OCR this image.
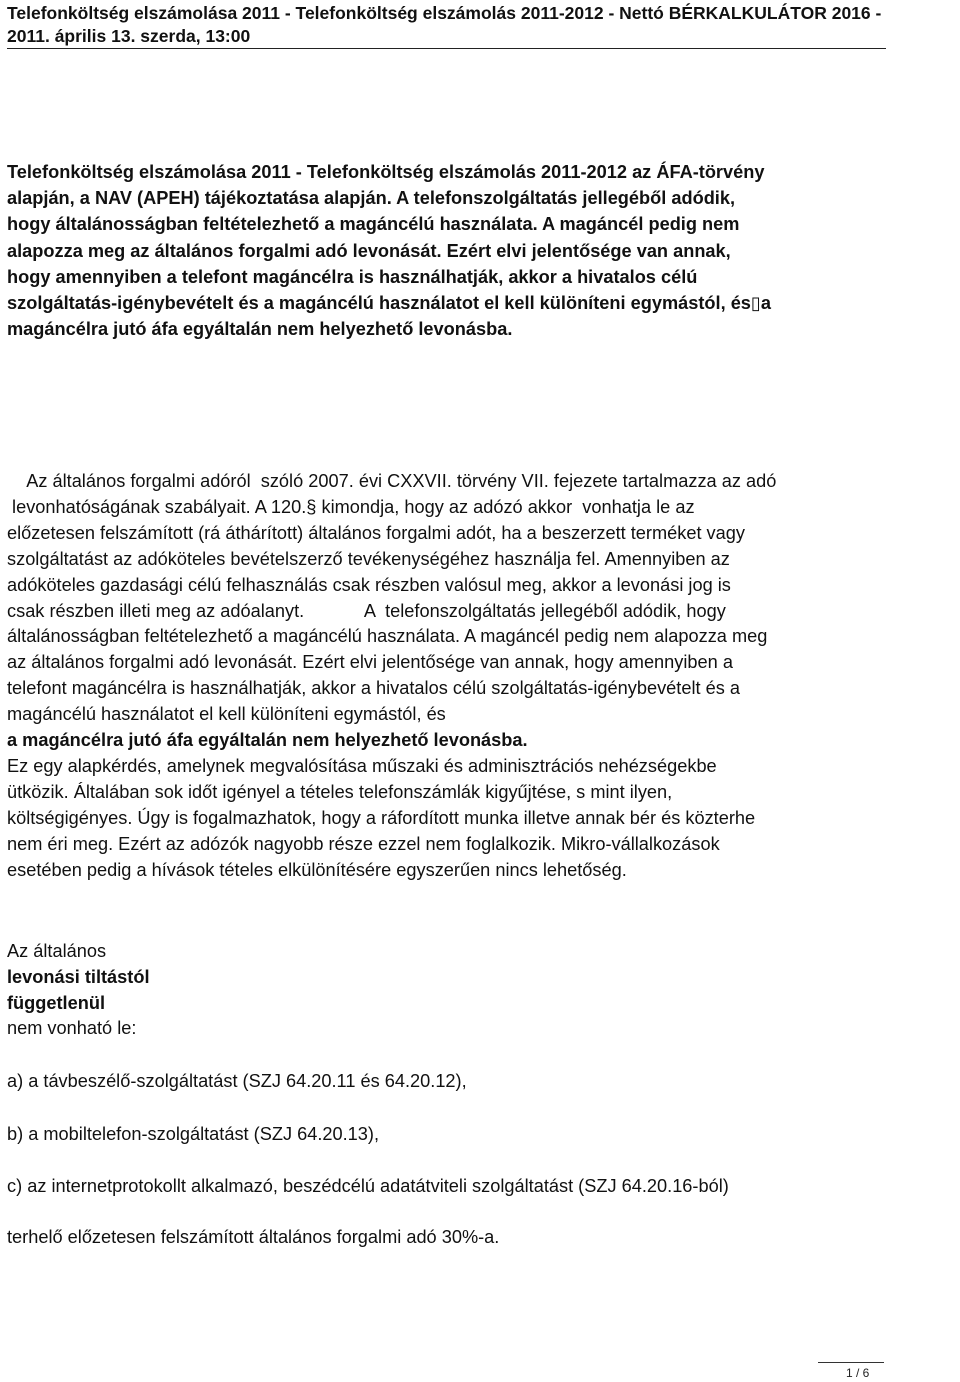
Telefonköltség elszámolása 2011 - Telefonköltség elszámolás 2011-2012 - Nettó BÉRKALKULÁTOR 2016 -
2011. április 13. szerda, 13:00

Telefonköltség elszámolása 2011 - Telefonköltség elszámolás 2011-2012 az ÁFA-törvény

alapján, a NAV (APEH) tájékoztatása alapján. A telefonszolgáltatás jellegéből adódik,

hogy általánosságban feltételezhető a magáncélú használata. A magáncél pedig nem

alapozza meg az általános forgalmi adó levonását. Ezért elvi jelentősége van annak,

hogy amennyiben a telefont magáncélra is használhatják, akkor a hivatalos célú

szolgáltatás-igénybevételt és a magáncélú használatot el kell különíteni egymástól, és▯a

magáncélra jutó áfa egyáltalán nem helyezhető levonásba.

Az általános forgalmi adóról  szóló 2007. évi CXXVII. törvény VII. fejezete tartalmazza az adó

levonhatóságának szabályait. A 120.§ kimondja, hogy az adózó akkor  vonhatja le az

előzetesen felszámított (rá áthárított) általános forgalmi adót, ha a beszerzett terméket vagy

szolgáltatást az adóköteles bevételszerző tevékenységéhez használja fel. Amennyiben az

adóköteles gazdasági célú felhasználás csak részben valósul meg, akkor a levonási jog is

csak részben illeti meg az adóalanyt.            A  telefonszolgáltatás jellegéből adódik, hogy

általánosságban feltételezhető a magáncélú használata. A magáncél pedig nem alapozza meg

az általános forgalmi adó levonását. Ezért elvi jelentősége van annak, hogy amennyiben a

telefont magáncélra is használhatják, akkor a hivatalos célú szolgáltatás-igénybevételt és a

magáncélú használatot el kell különíteni egymástól, és

a magáncélra jutó áfa egyáltalán nem helyezhető levonásba.

Ez egy alapkérdés, amelynek megvalósítása műszaki és adminisztrációs nehézségekbe

ütközik. Általában sok időt igényel a tételes telefonszámlák kigyűjtése, s mint ilyen,

költségigényes. Úgy is fogalmazhatok, hogy a ráfordított munka illetve annak bér és közterhe

nem éri meg. Ezért az adózók nagyobb része ezzel nem foglalkozik. Mikro-vállalkozások

esetében pedig a hívások tételes elkülönítésére egyszerűen nincs lehetőség.

Az általános

levonási tiltástól

függetlenül

nem vonható le:

a) a távbeszélő-szolgáltatást (SZJ 64.20.11 és 64.20.12),
b) a mobiltelefon-szolgáltatást (SZJ 64.20.13),
c) az internetprotokollt alkalmazó, beszédcélú adatátviteli szolgáltatást (SZJ 64.20.16-ból)
terhelő előzetesen felszámított általános forgalmi adó 30%-a.
1 / 6
